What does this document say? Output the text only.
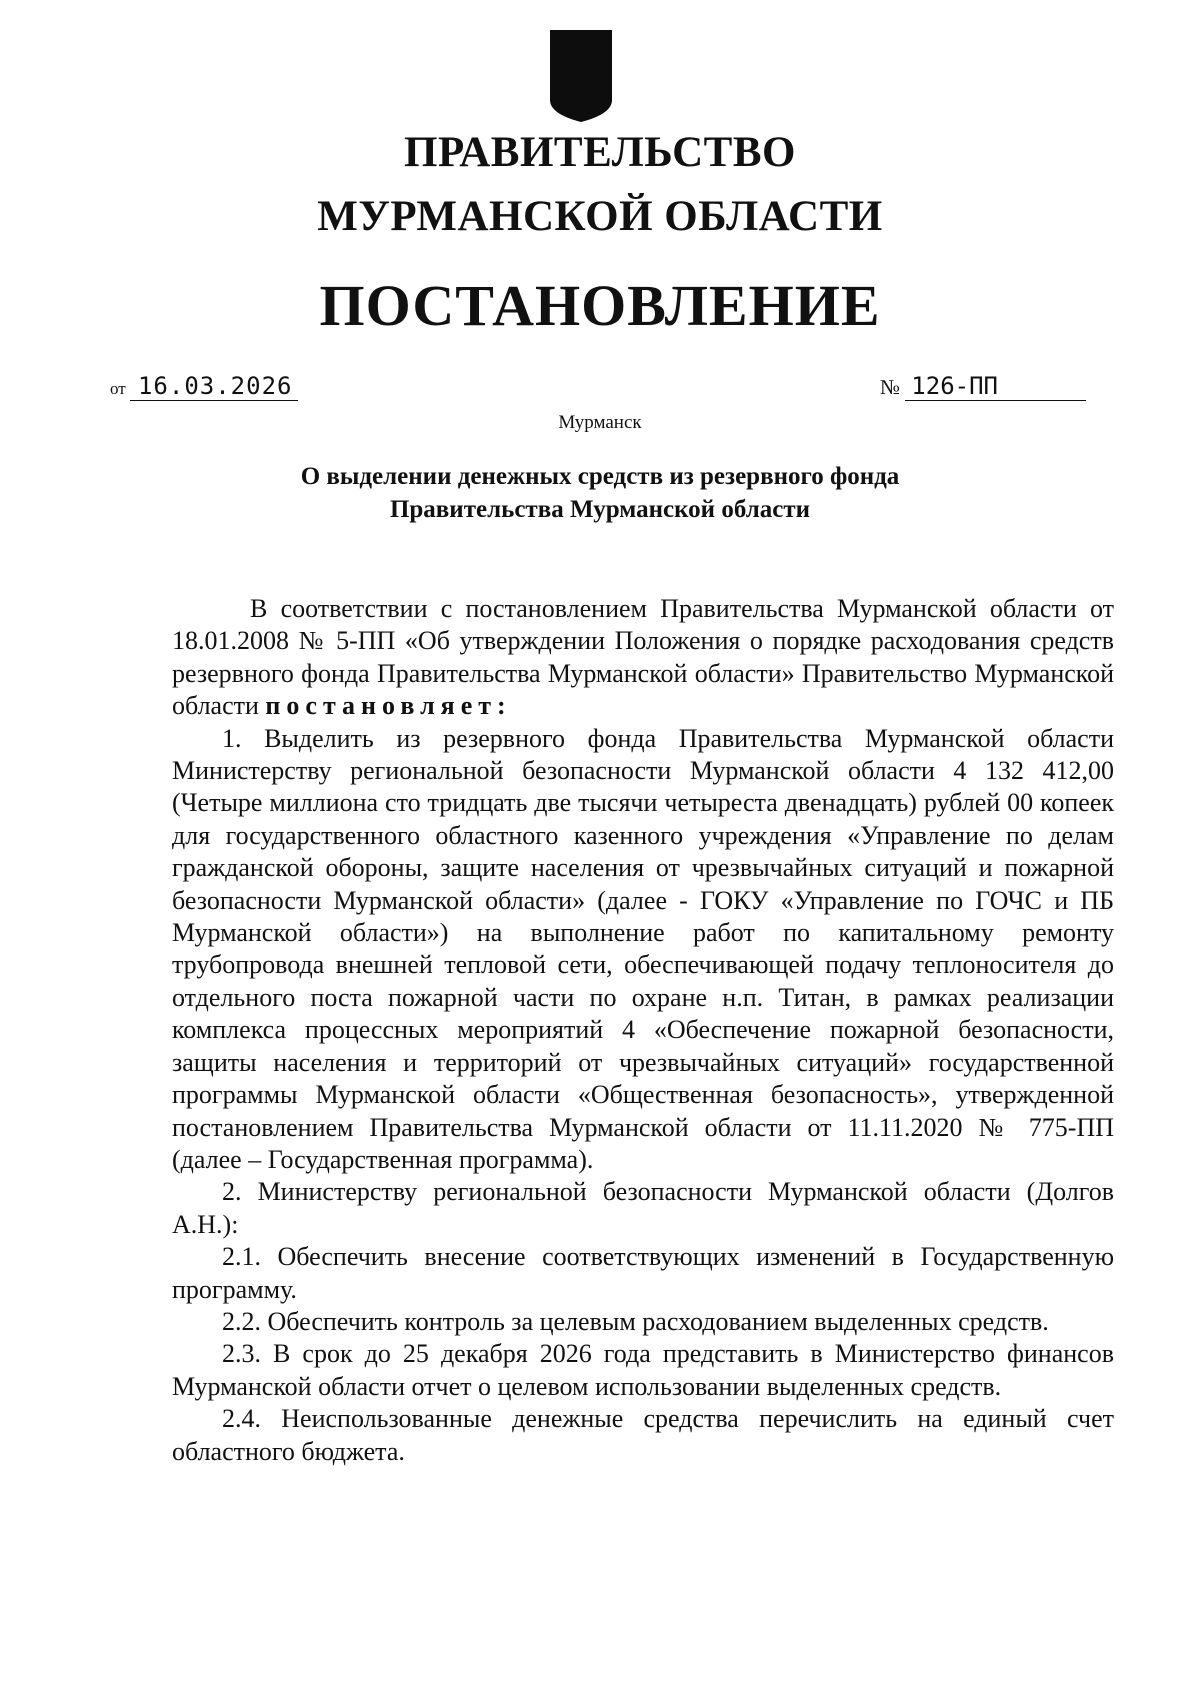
ПРАВИТЕЛЬСТВО
МУРМАНСКОЙ ОБЛАСТИ
ПОСТАНОВЛЕНИЕ
от 16.03.2026	№ 126-ПП
Мурманск
О выделении денежных средств из резервного фонда
Правительства Мурманской области

В соответствии с постановлением Правительства Мурманской области от 18.01.2008 № 5-ПП «Об утверждении Положения о порядке расходования средств резервного фонда Правительства Мурманской области» Правительство Мурманской области постановляет:

1. Выделить из резервного фонда Правительства Мурманской области Министерству региональной безопасности Мурманской области 4 132 412,00 (Четыре миллиона сто тридцать две тысячи четыреста двенадцать) рублей 00 копеек для государственного областного казенного учреждения «Управление по делам гражданской обороны, защите населения от чрезвычайных ситуаций и пожарной безопасности Мурманской области» (далее - ГОКУ «Управление по ГОЧС и ПБ Мурманской области») на выполнение работ по капитальному ремонту трубопровода внешней тепловой сети, обеспечивающей подачу теплоносителя до отдельного поста пожарной части по охране н.п. Титан, в рамках реализации комплекса процессных мероприятий 4 «Обеспечение пожарной безопасности, защиты населения и территорий от чрезвычайных ситуаций» государственной программы Мурманской области «Общественная безопасность», утвержденной постановлением Правительства Мурманской области от 11.11.2020 № 775-ПП (далее – Государственная программа).

2. Министерству региональной безопасности Мурманской области (Долгов А.Н.):

2.1. Обеспечить внесение соответствующих изменений в Государственную программу.

2.2. Обеспечить контроль за целевым расходованием выделенных средств.

2.3. В срок до 25 декабря 2026 года представить в Министерство финансов Мурманской области отчет о целевом использовании выделенных средств.

2.4. Неиспользованные денежные средства перечислить на единый счет областного бюджета.
